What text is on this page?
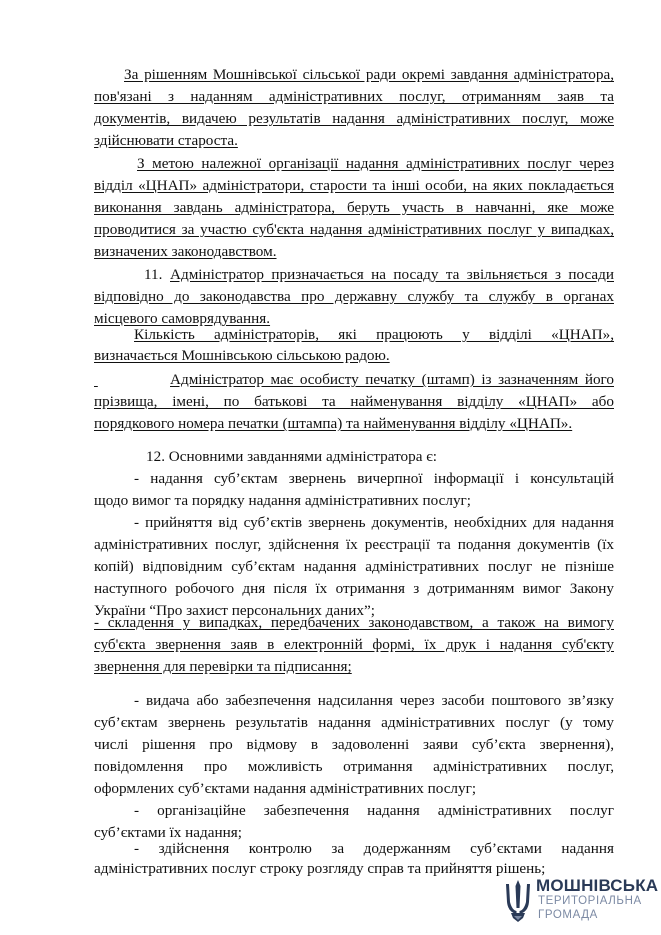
За рішенням Мошнівської сільської ради окремі завдання адміністратора,
пов'язані з наданням адміністративних послуг, отриманням заяв та
документів, видачею результатів надання адміністративних послуг, може
здійснювати староста.
З метою належної організації надання адміністративних послуг через
відділ «ЦНАП» адміністратори, старости та інші особи, на яких покладається
виконання завдань адміністратора, беруть участь в навчанні, яке може
проводитися за участю суб'єкта надання адміністративних послуг у випадках,
визначених законодавством.
11. Адміністратор призначається на посаду та звільняється з посади
відповідно до законодавства про державну службу та службу в органах
місцевого самоврядування.
Кількість адміністраторів, які працюють у відділі «ЦНАП»,
визначається Мошнівською сільською радою.

Адміністратор має особисту печатку (штамп) із зазначенням його
прізвища, імені, по батькові та найменування відділу «ЦНАП» або
порядкового номера печатки (штампа) та найменування відділу «ЦНАП».
12. Основними завданнями адміністратора є:
- надання суб’єктам звернень вичерпної інформації і консультацій
щодо вимог та порядку надання адміністративних послуг;
- прийняття від суб’єктів звернень документів, необхідних для надання
адміністративних послуг, здійснення їх реєстрації та подання документів (їх
копій) відповідним суб’єктам надання адміністративних послуг не пізніше
наступного робочого дня після їх отримання з дотриманням вимог Закону
України “Про захист персональних даних”;
- складення у випадках, передбачених законодавством, а також на вимогу
суб'єкта звернення заяв в електронній формі, їх друк і надання суб'єкту
звернення для перевірки та підписання;
- видача або забезпечення надсилання через засоби поштового зв’язку
суб’єктам звернень результатів надання адміністративних послуг (у тому
числі рішення про відмову в задоволенні заяви суб’єкта звернення),
повідомлення про можливість отримання адміністративних послуг,
оформлених суб’єктами надання адміністративних послуг;
- організаційне забезпечення надання адміністративних послуг
суб’єктами їх надання;
- здійснення контролю за додержанням суб’єктами надання
адміністративних послуг строку розгляду справ та прийняття рішень;
МОШНІВСЬКА
ТЕРИТОРІАЛЬНА
ГРОМАДА
